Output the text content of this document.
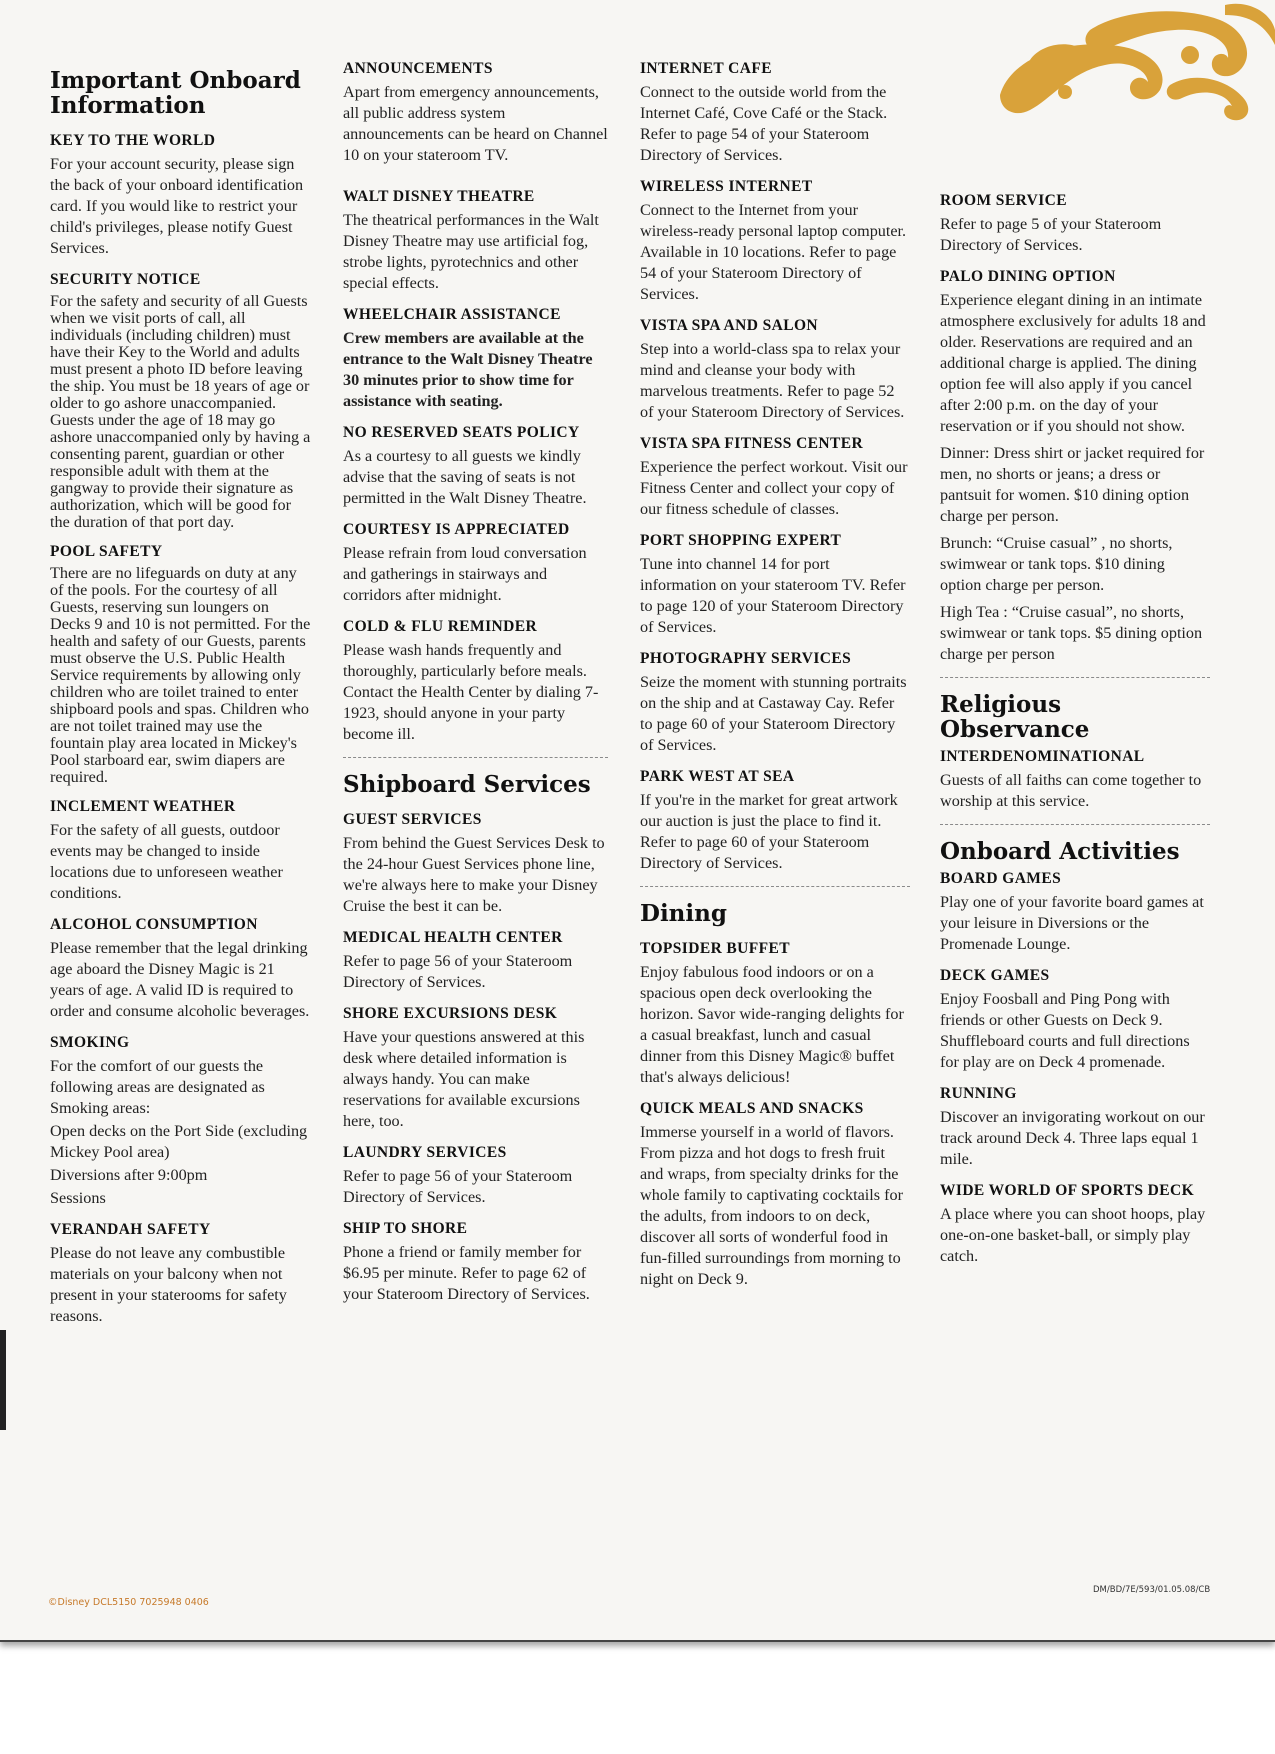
Important Onboard Information
KEY TO THE WORLD

For your account security, please sign the back of your onboard identification card. If you would like to restrict your child's privileges, please notify Guest Services.

SECURITY NOTICE

For the safety and security of all Guests when we visit ports of call, all individuals (including children) must have their Key to the World and adults must present a photo ID before leaving the ship. You must be 18 years of age or older to go ashore unaccompanied. Guests under the age of 18 may go ashore unaccompanied only by having a consenting parent, guardian or other responsible adult with them at the gangway to provide their signature as authorization, which will be good for the duration of that port day.

POOL SAFETY

There are no lifeguards on duty at any of the pools. For the courtesy of all Guests, reserving sun loungers on Decks 9 and 10 is not permitted. For the health and safety of our Guests, parents must observe the U.S. Public Health Service requirements by allowing only children who are toilet trained to enter shipboard pools and spas. Children who are not toilet trained may use the fountain play area located in Mickey's Pool starboard ear, swim diapers are required.

INCLEMENT WEATHER

For the safety of all guests, outdoor events may be changed to inside locations due to unforeseen weather conditions.

ALCOHOL CONSUMPTION

Please remember that the legal drinking age aboard the Disney Magic is 21 years of age. A valid ID is required to order and consume alcoholic beverages.

SMOKING

For the comfort of our guests the following areas are designated as Smoking areas:

Open decks on the Port Side (excluding Mickey Pool area)

Diversions after 9:00pm

Sessions

VERANDAH SAFETY

Please do not leave any combustible materials on your balcony when not present in your staterooms for safety reasons.

ANNOUNCEMENTS

Apart from emergency announcements, all public address system announcements can be heard on Channel 10 on your stateroom TV.

WALT DISNEY THEATRE

The theatrical performances in the Walt Disney Theatre may use artificial fog, strobe lights, pyrotechnics and other special effects.

WHEELCHAIR ASSISTANCE

Crew members are available at the entrance to the Walt Disney Theatre 30 minutes prior to show time for assistance with seating.

NO RESERVED SEATS POLICY

As a courtesy to all guests we kindly advise that the saving of seats is not permitted in the Walt Disney Theatre.

COURTESY IS APPRECIATED

Please refrain from loud conversation and gatherings in stairways and corridors after midnight.

COLD & FLU REMINDER

Please wash hands frequently and thoroughly, particularly before meals. Contact the Health Center by dialing 7-1923, should anyone in your party become ill.

Shipboard Services
GUEST SERVICES

From behind the Guest Services Desk to the 24-hour Guest Services phone line, we're always here to make your Disney Cruise the best it can be.

MEDICAL HEALTH CENTER

Refer to page 56 of your Stateroom Directory of Services.

SHORE EXCURSIONS DESK

Have your questions answered at this desk where detailed information is always handy. You can make reservations for available excursions here, too.

LAUNDRY SERVICES

Refer to page 56 of your Stateroom Directory of Services.

SHIP TO SHORE

Phone a friend or family member for $6.95 per minute. Refer to page 62 of your Stateroom Directory of Services.

INTERNET CAFE

Connect to the outside world from the Internet Café, Cove Café or the Stack. Refer to page 54 of your Stateroom Directory of Services.

WIRELESS INTERNET

Connect to the Internet from your wireless-ready personal laptop computer. Available in 10 locations. Refer to page 54 of your Stateroom Directory of Services.

VISTA SPA AND SALON

Step into a world-class spa to relax your mind and cleanse your body with marvelous treatments. Refer to page 52 of your Stateroom Directory of Services.

VISTA SPA FITNESS CENTER

Experience the perfect workout. Visit our Fitness Center and collect your copy of our fitness schedule of classes.

PORT SHOPPING EXPERT

Tune into channel 14 for port information on your stateroom TV. Refer to page 120 of your Stateroom Directory of Services.

PHOTOGRAPHY SERVICES

Seize the moment with stunning portraits on the ship and at Castaway Cay. Refer to page 60 of your Stateroom Directory of Services.

PARK WEST AT SEA

If you're in the market for great artwork our auction is just the place to find it. Refer to page 60 of your Stateroom Directory of Services.

Dining
TOPSIDER BUFFET

Enjoy fabulous food indoors or on a spacious open deck overlooking the horizon. Savor wide-ranging delights for a casual breakfast, lunch and casual dinner from this Disney Magic® buffet that's always delicious!

QUICK MEALS AND SNACKS

Immerse yourself in a world of flavors. From pizza and hot dogs to fresh fruit and wraps, from specialty drinks for the whole family to captivating cocktails for the adults, from indoors to on deck, discover all sorts of wonderful food in fun-filled surroundings from morning to night on Deck 9.

ROOM SERVICE

Refer to page 5 of your Stateroom Directory of Services.

PALO DINING OPTION

Experience elegant dining in an intimate atmosphere exclusively for adults 18 and older. Reservations are required and an additional charge is applied. The dining option fee will also apply if you cancel after 2:00 p.m. on the day of your reservation or if you should not show.

Dinner: Dress shirt or jacket required for men, no shorts or jeans; a dress or pantsuit for women. $10 dining option charge per person.

Brunch: “Cruise casual” , no shorts, swimwear or tank tops. $10 dining option charge per person.

High Tea : “Cruise casual”, no shorts, swimwear or tank tops. $5 dining option charge per person

Religious Observance
INTERDENOMINATIONAL

Guests of all faiths can come together to worship at this service.

Onboard Activities
BOARD GAMES

Play one of your favorite board games at your leisure in Diversions or the Promenade Lounge.

DECK GAMES

Enjoy Foosball and Ping Pong with friends or other Guests on Deck 9. Shuffleboard courts and full directions for play are on Deck 4 promenade.

RUNNING

Discover an invigorating workout on our track around Deck 4. Three laps equal 1 mile.

WIDE WORLD OF SPORTS DECK

A place where you can shoot hoops, play one-on-one basket-ball, or simply play catch.

©Disney DCL5150 7025948 0406
DM/BD/7E/593/01.05.08/CB
